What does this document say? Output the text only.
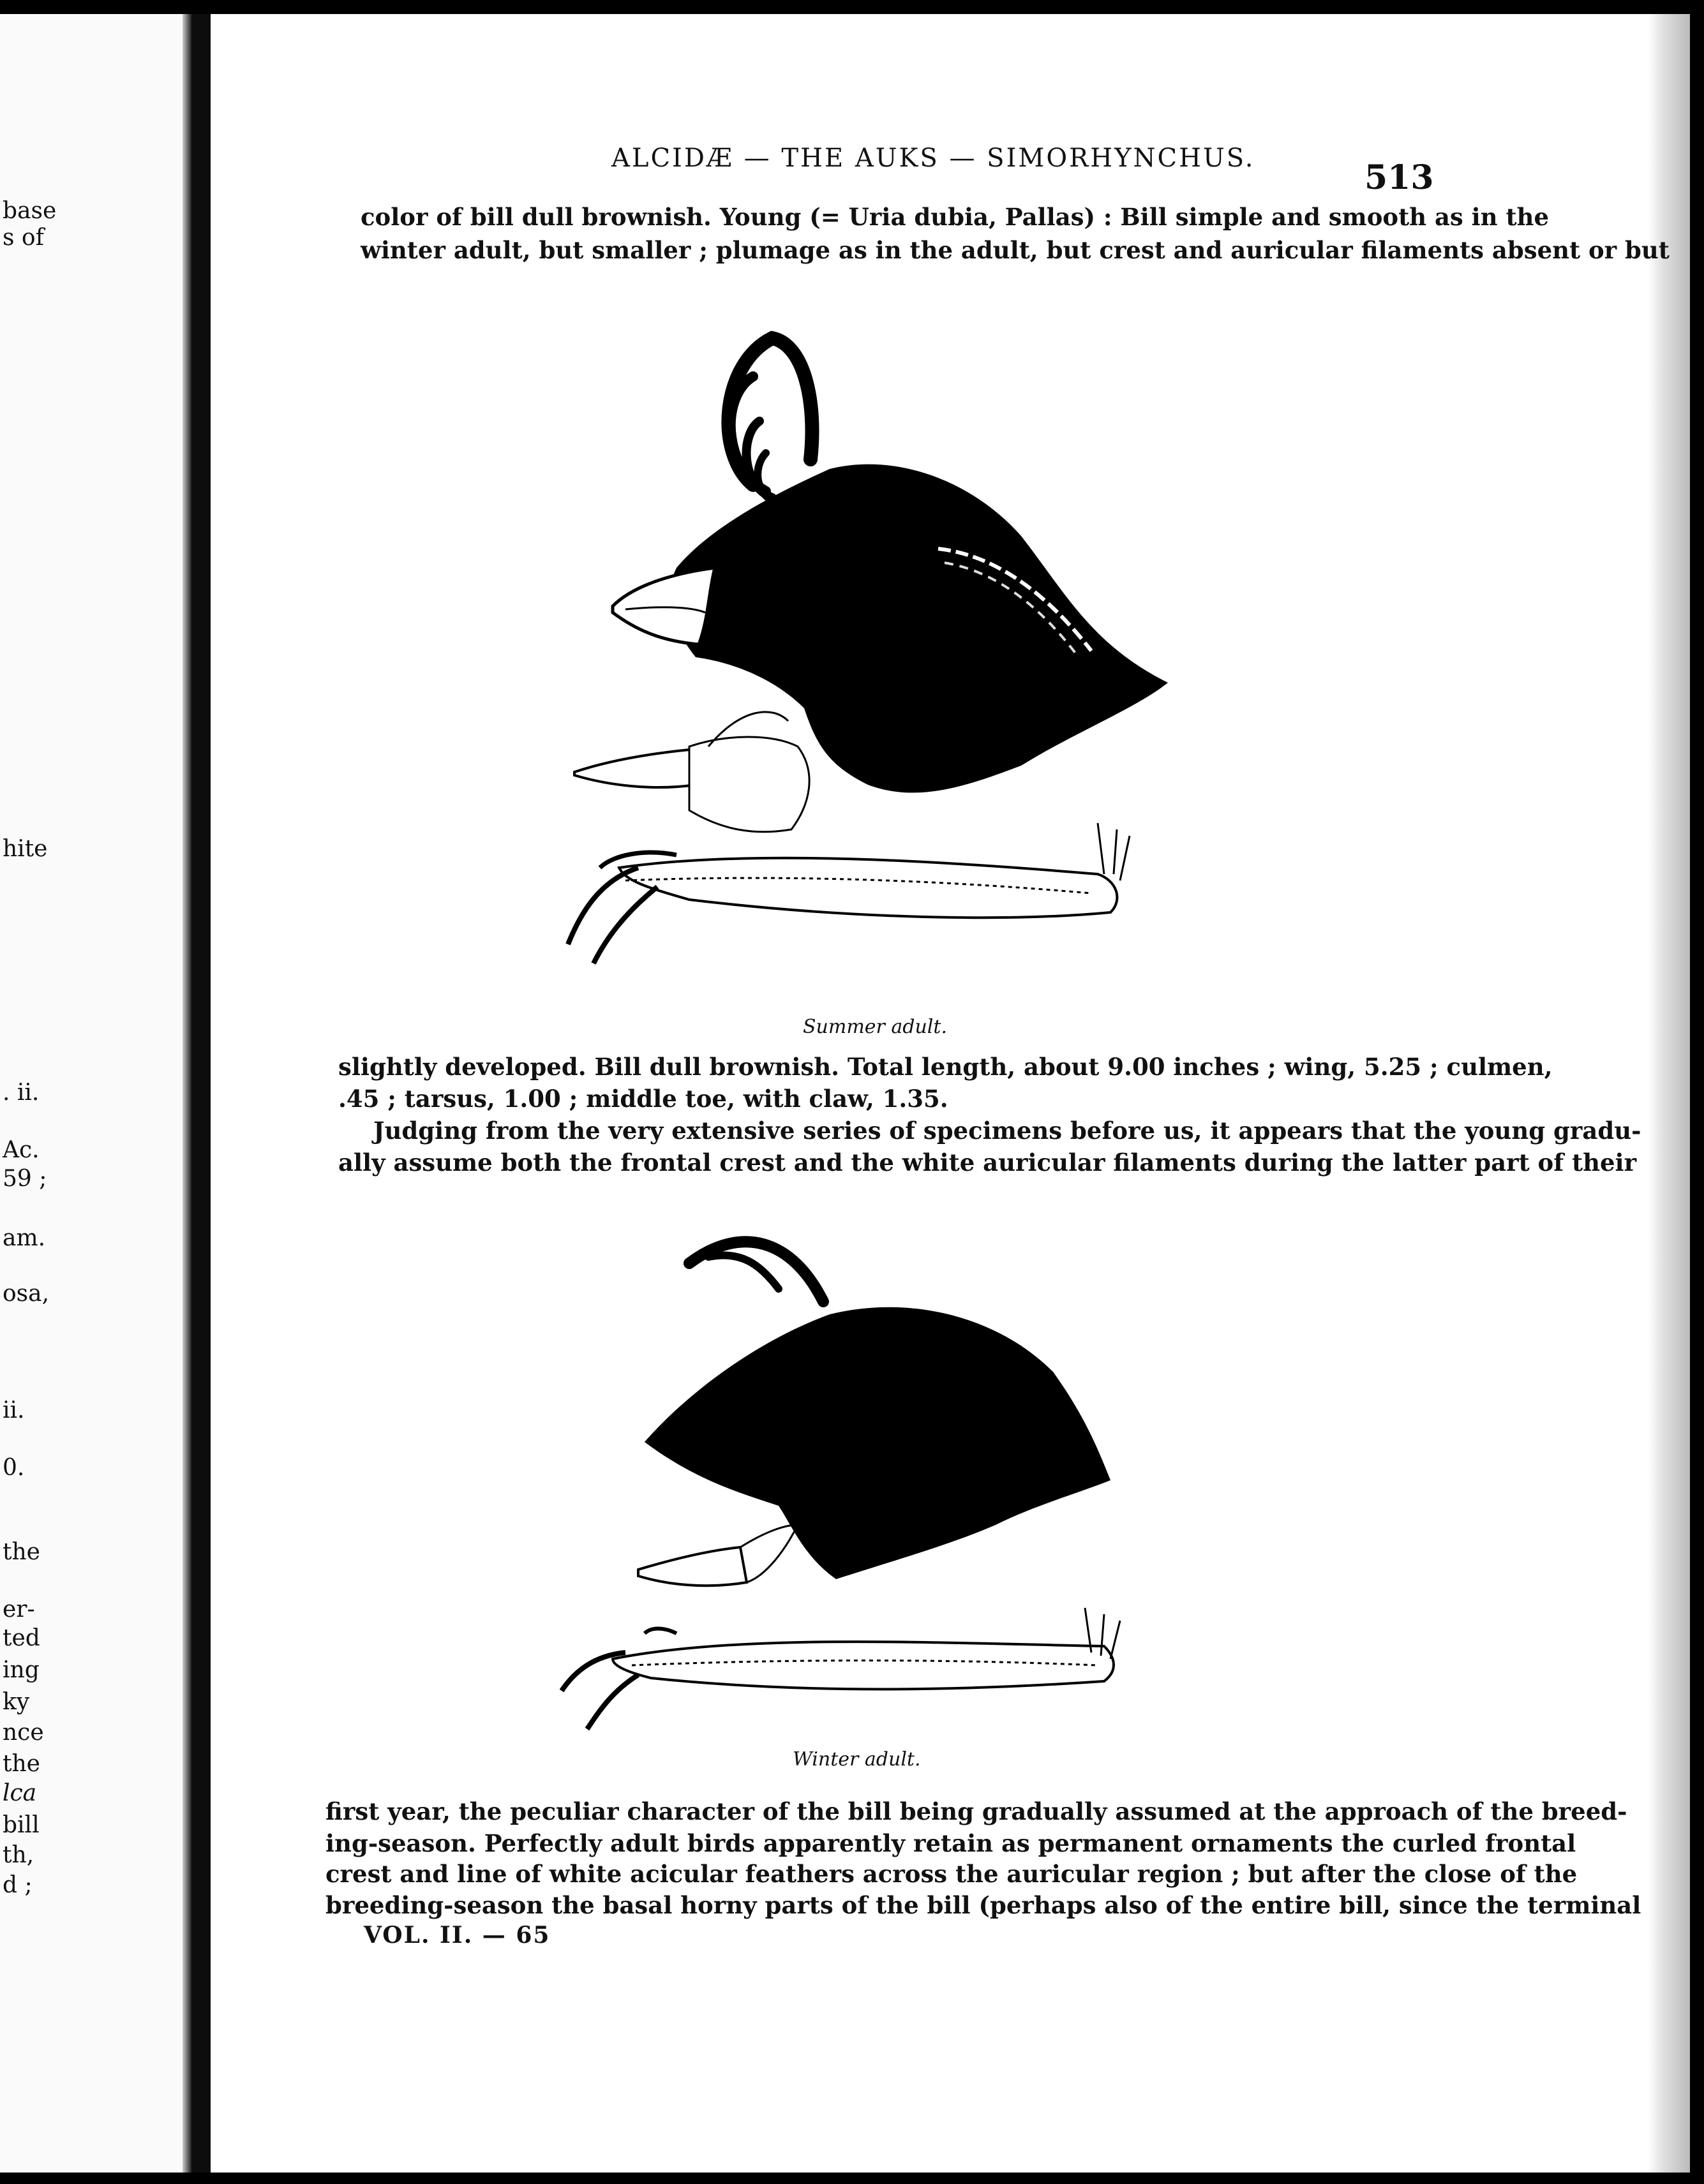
base
s of
hite
. ii.
Ac.
59 ;
am.
osa,
ii.
0.
the
er-
ted
ing
ky
nce
the
lca
bill
th,
d ;
ALCIDÆ — THE AUKS — SIMORHYNCHUS.	513
color of bill dull brownish. Young (= Uria dubia, Pallas) : Bill simple and smooth as in the
winter adult, but smaller ; plumage as in the adult, but crest and auricular filaments absent or but
Summer adult.
slightly developed. Bill dull brownish. Total length, about 9.00 inches ; wing, 5.25 ; culmen,
.45 ; tarsus, 1.00 ; middle toe, with claw, 1.35.
Judging from the very extensive series of specimens before us, it appears that the young gradu-
ally assume both the frontal crest and the white auricular filaments during the latter part of their
Winter adult.
first year, the peculiar character of the bill being gradually assumed at the approach of the breed-
ing-season. Perfectly adult birds apparently retain as permanent ornaments the curled frontal
crest and line of white acicular feathers across the auricular region ; but after the close of the
breeding-season the basal horny parts of the bill (perhaps also of the entire bill, since the terminal
VOL. II. — 65
